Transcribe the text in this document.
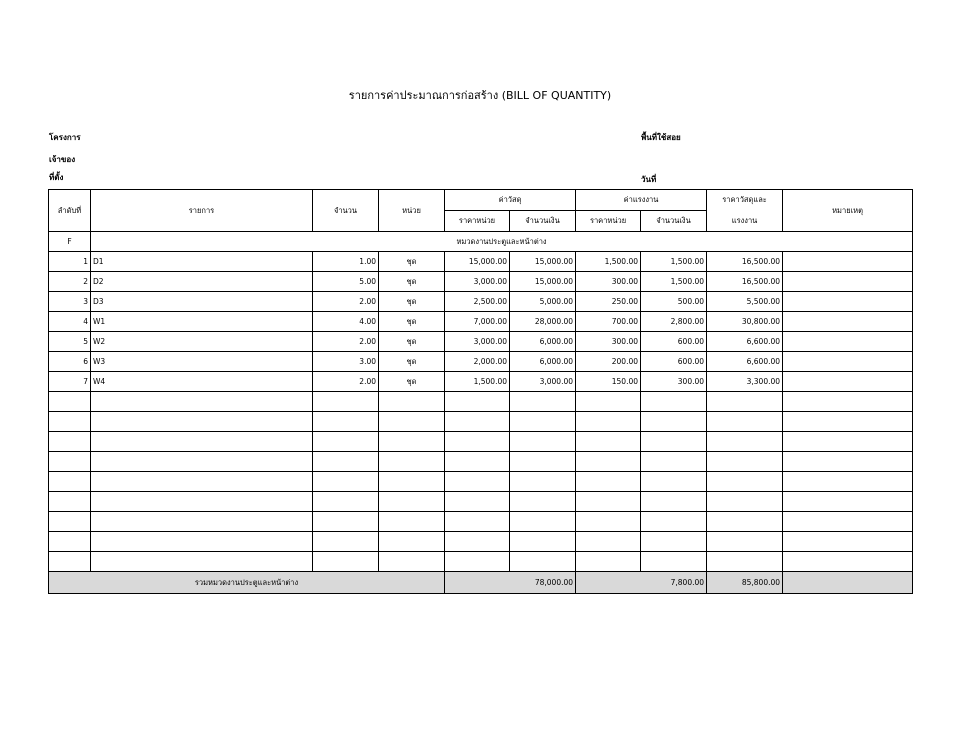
รายการค่าประมาณการก่อสร้าง (BILL OF QUANTITY)
โครงการ
เจ้าของ
ที่ตั้ง
พื้นที่ใช้สอย
วันที่
ลำดับที่	รายการ	จำนวน	หน่วย	ค่าวัสดุ		ค่าแรงงาน		ราคาวัสดุและ	หมายเหตุ
				ราคาหน่วย	จำนวนเงิน	ราคาหน่วย	จำนวนเงิน	แรงงาน	
F	หมวดงานประตูและหน้าต่าง								
1	D1	1.00	ชุด	15,000.00	15,000.00	1,500.00	1,500.00	16,500.00	
2	D2	5.00	ชุด	3,000.00	15,000.00	300.00	1,500.00	16,500.00	
3	D3	2.00	ชุด	2,500.00	5,000.00	250.00	500.00	5,500.00	
4	W1	4.00	ชุด	7,000.00	28,000.00	700.00	2,800.00	30,800.00	
5	W2	2.00	ชุด	3,000.00	6,000.00	300.00	600.00	6,600.00	
6	W3	3.00	ชุด	2,000.00	6,000.00	200.00	600.00	6,600.00	
7	W4	2.00	ชุด	1,500.00	3,000.00	150.00	300.00	3,300.00	

รวมหมวดงานประตูและหน้าต่าง				78,000.00		7,800.00		85,800.00	
